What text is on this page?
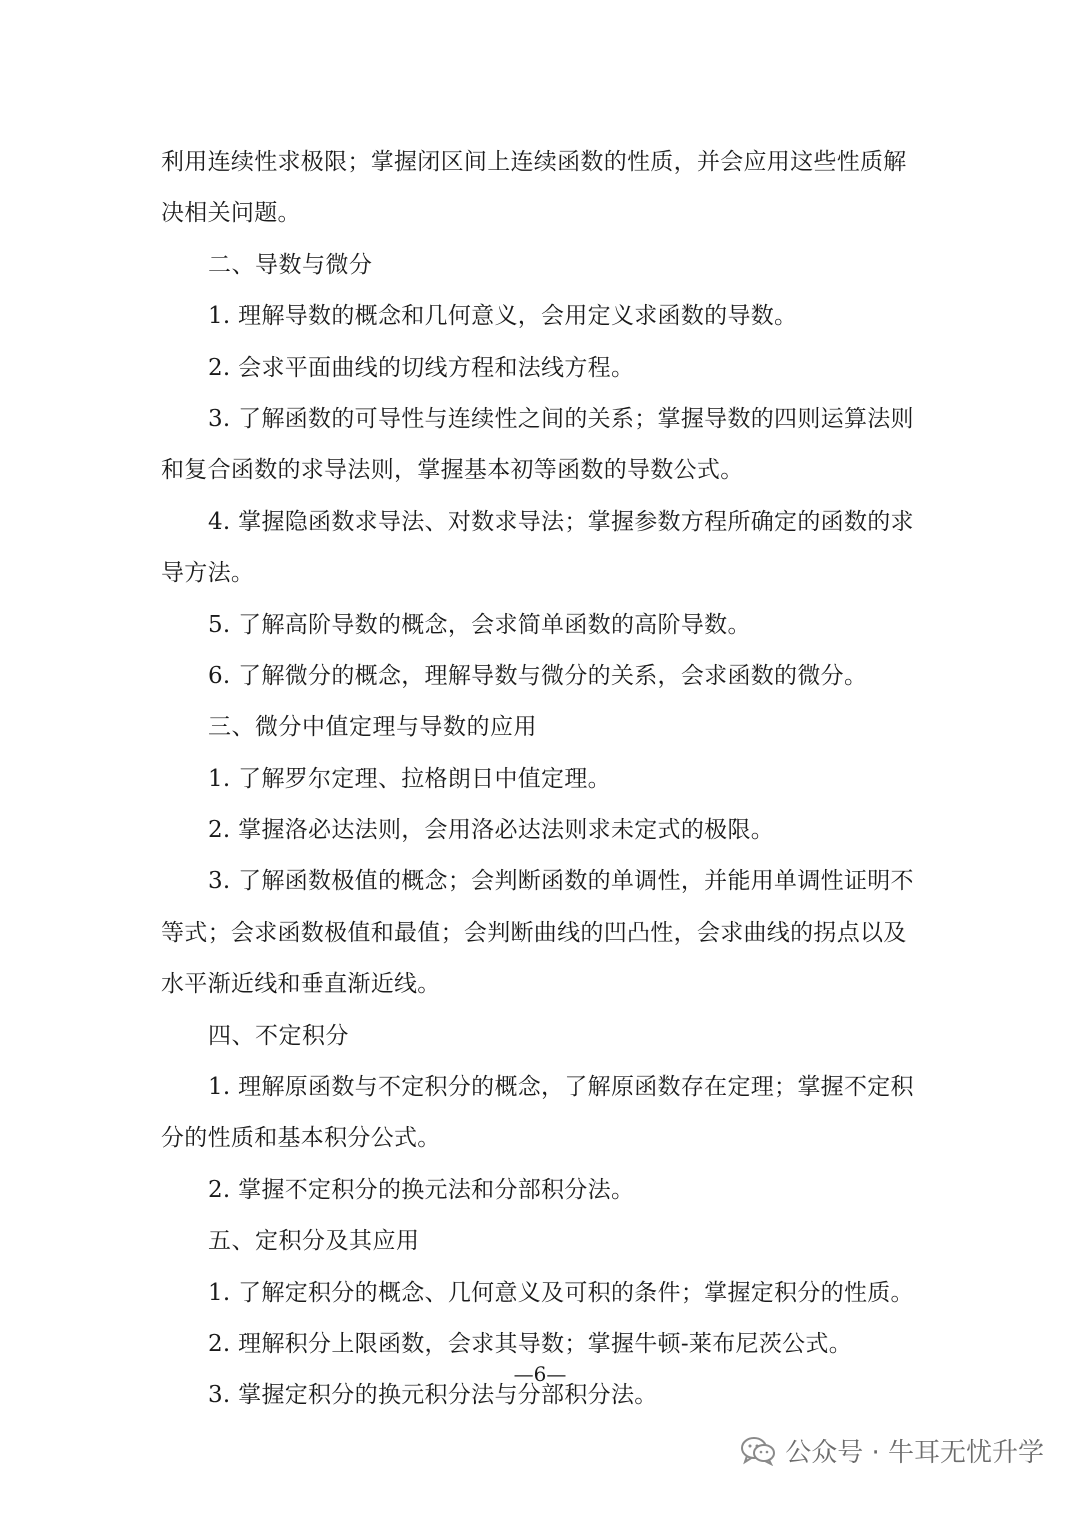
利用连续性求极限；掌握闭区间上连续函数的性质，并会应用这些性质解
决相关问题。
二、导数与微分
1. 理解导数的概念和几何意义，会用定义求函数的导数。
2. 会求平面曲线的切线方程和法线方程。
3. 了解函数的可导性与连续性之间的关系；掌握导数的四则运算法则
和复合函数的求导法则，掌握基本初等函数的导数公式。
4. 掌握隐函数求导法、对数求导法；掌握参数方程所确定的函数的求
导方法。
5. 了解高阶导数的概念，会求简单函数的高阶导数。
6. 了解微分的概念，理解导数与微分的关系，会求函数的微分。
三、微分中值定理与导数的应用
1. 了解罗尔定理、拉格朗日中值定理。
2. 掌握洛必达法则，会用洛必达法则求未定式的极限。
3. 了解函数极值的概念；会判断函数的单调性，并能用单调性证明不
等式；会求函数极值和最值；会判断曲线的凹凸性，会求曲线的拐点以及
水平渐近线和垂直渐近线。
四、不定积分
1. 理解原函数与不定积分的概念，了解原函数存在定理；掌握不定积
分的性质和基本积分公式。
2. 掌握不定积分的换元法和分部积分法。
五、定积分及其应用
1. 了解定积分的概念、几何意义及可积的条件；掌握定积分的性质。
2. 理解积分上限函数，会求其导数；掌握牛顿-莱布尼茨公式。
3. 掌握定积分的换元积分法与分部积分法。
—6—
公众号 · 牛耳无忧升学
